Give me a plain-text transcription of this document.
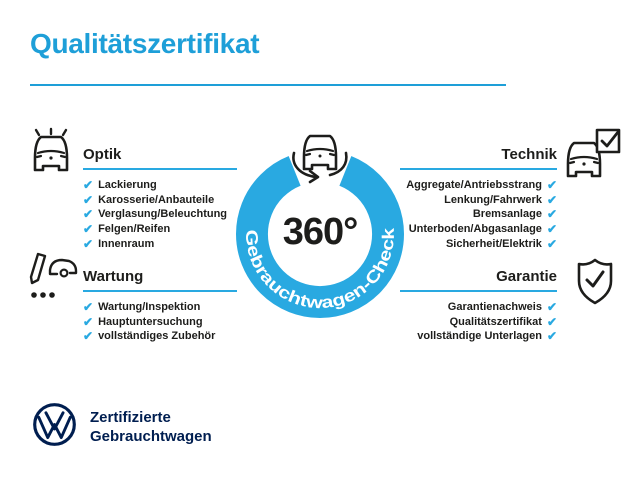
Qualitätszertifikat
Gebrauchtwagen-Check

360°

Optik
✔ Lackierung
✔ Karosserie/Anbauteile
✔ Verglasung/Beleuchtung
✔ Felgen/Reifen
✔ Innenraum
Technik
Aggregate/Antriebsstrang ✔
Lenkung/Fahrwerk ✔
Bremsanlage ✔
Unterboden/Abgasanlage ✔
Sicherheit/Elektrik ✔
Wartung
✔ Wartung/Inspektion
✔ Hauptuntersuchung
✔ vollständiges Zubehör
Garantie
Garantienachweis ✔
Qualitätszertifikat ✔
vollständige Unterlagen ✔

Zertifizierte
Gebrauchtwagen
